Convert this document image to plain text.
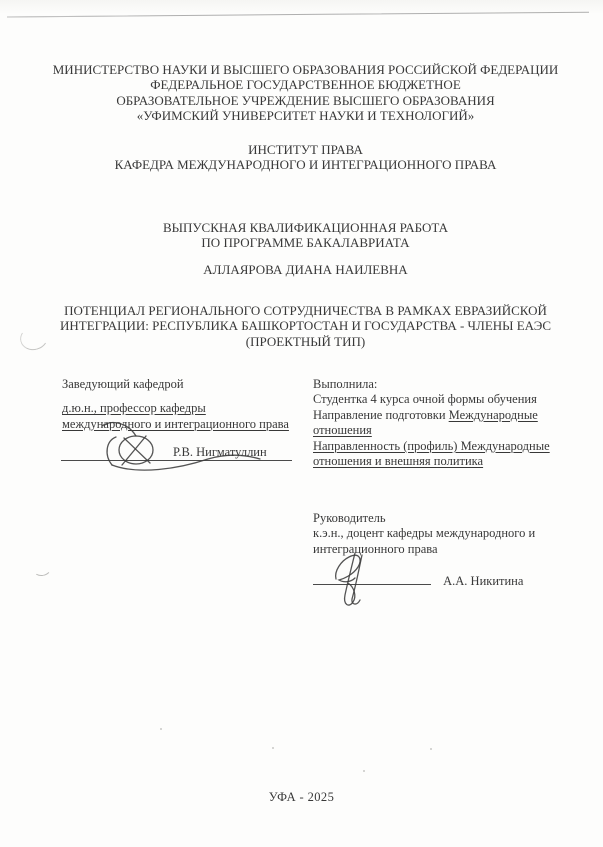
МИНИСТЕРСТВО НАУКИ И ВЫСШЕГО ОБРАЗОВАНИЯ РОССИЙСКОЙ ФЕДЕРАЦИИ
ФЕДЕРАЛЬНОЕ ГОСУДАРСТВЕННОЕ БЮДЖЕТНОЕ
ОБРАЗОВАТЕЛЬНОЕ УЧРЕЖДЕНИЕ ВЫСШЕГО ОБРАЗОВАНИЯ
«УФИМСКИЙ УНИВЕРСИТЕТ НАУКИ И ТЕХНОЛОГИЙ»
ИНСТИТУТ ПРАВА
КАФЕДРА МЕЖДУНАРОДНОГО И ИНТЕГРАЦИОННОГО ПРАВА
ВЫПУСКНАЯ КВАЛИФИКАЦИОННАЯ РАБОТА
ПО ПРОГРАММЕ БАКАЛАВРИАТА
АЛЛАЯРОВА ДИАНА НАИЛЕВНА
ПОТЕНЦИАЛ РЕГИОНАЛЬНОГО СОТРУДНИЧЕСТВА В РАМКАХ ЕВРАЗИЙСКОЙ
ИНТЕГРАЦИИ: РЕСПУБЛИКА БАШКОРТОСТАН И ГОСУДАРСТВА - ЧЛЕНЫ ЕАЭС
(ПРОЕКТНЫЙ ТИП)
Заведующий кафедрой
д.ю.н., профессор кафедры
международного и интеграционного права
Р.В. Нигматуллин
Выполнила:
Студентка 4 курса очной формы обучения
Направление подготовки Международные
отношения
Направленность (профиль) Международные
отношения и внешняя политика
Руководитель
к.э.н., доцент кафедры международного и
интеграционного права
А.А. Никитина
УФА - 2025
